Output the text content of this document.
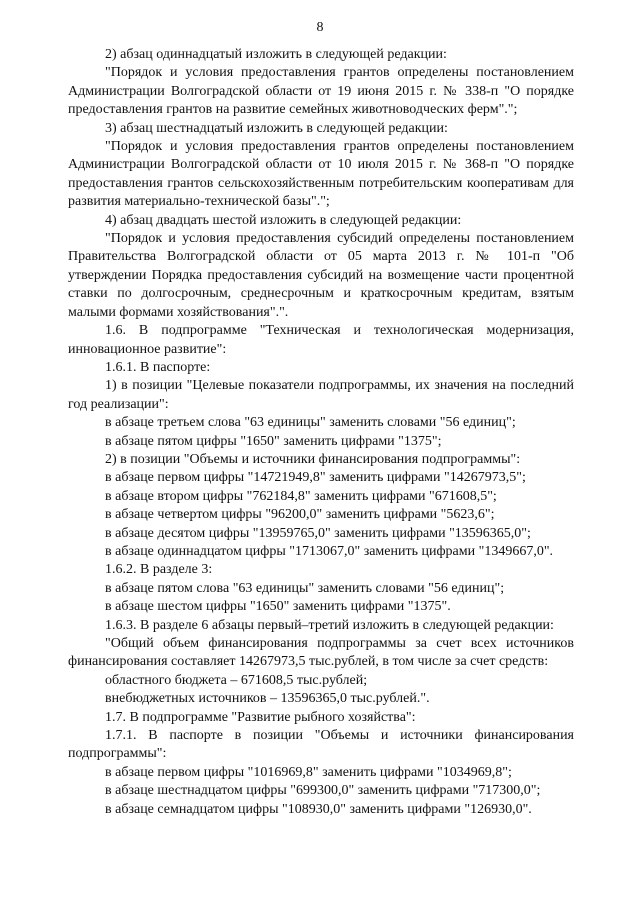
8

2) абзац одиннадцатый изложить в следующей редакции:

"Порядок и условия предоставления грантов определены постановлением Администрации Волгоградской области от 19 июня 2015 г. № 338-п "О порядке предоставления грантов на развитие семейных животноводческих ферм".";

3) абзац шестнадцатый изложить в следующей редакции:

"Порядок и условия предоставления грантов определены постановлением Администрации Волгоградской области от 10 июля 2015 г. № 368-п "О порядке предоставления грантов сельскохозяйственным потребительским кооперативам для развития материально-технической базы".";

4) абзац двадцать шестой изложить в следующей редакции:

"Порядок и условия предоставления субсидий определены постановлением Правительства Волгоградской области от 05 марта 2013 г. № 101-п "Об утверждении Порядка предоставления субсидий на возмещение части процентной ставки по долгосрочным, среднесрочным и краткосрочным кредитам, взятым малыми формами хозяйствования".".

1.6. В подпрограмме "Техническая и технологическая модернизация, инновационное развитие":

1.6.1. В паспорте:

1) в позиции "Целевые показатели подпрограммы, их значения на последний год реализации":

в абзаце третьем слова "63 единицы" заменить словами "56 единиц";

в абзаце пятом цифры "1650" заменить цифрами "1375";

2) в позиции "Объемы и источники финансирования подпрограммы":

в абзаце первом цифры "14721949,8" заменить цифрами "14267973,5";

в абзаце втором цифры "762184,8" заменить цифрами "671608,5";

в абзаце четвертом цифры "96200,0" заменить цифрами "5623,6";

в абзаце десятом цифры "13959765,0" заменить цифрами "13596365,0";

в абзаце одиннадцатом цифры "1713067,0" заменить цифрами "1349667,0".

1.6.2. В разделе 3:

в абзаце пятом слова "63 единицы" заменить словами "56 единиц";

в абзаце шестом цифры "1650" заменить цифрами "1375".

1.6.3. В разделе 6 абзацы первый–третий изложить в следующей редакции:

"Общий объем финансирования подпрограммы за счет всех источников финансирования составляет 14267973,5 тыс.рублей, в том числе за счет средств:

областного бюджета – 671608,5 тыс.рублей;

внебюджетных источников – 13596365,0 тыс.рублей.".

1.7. В подпрограмме "Развитие рыбного хозяйства":

1.7.1. В паспорте в позиции "Объемы и источники финансирования подпрограммы":

в абзаце первом цифры "1016969,8" заменить цифрами "1034969,8";

в абзаце шестнадцатом цифры "699300,0" заменить цифрами "717300,0";

в абзаце семнадцатом цифры "108930,0" заменить цифрами "126930,0".
